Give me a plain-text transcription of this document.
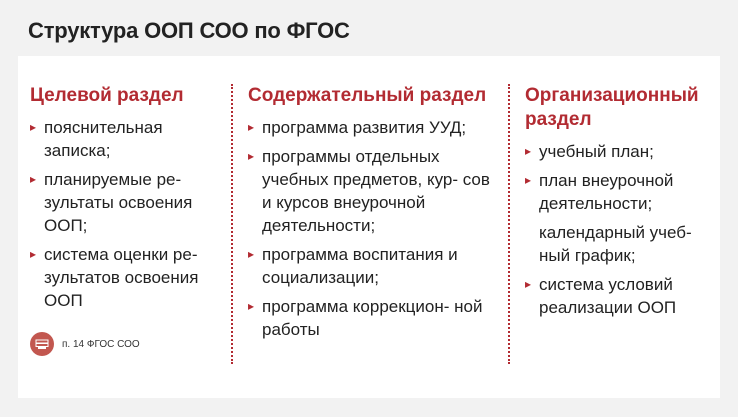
Структура ООП СОО по ФГОС
Целевой раздел
▸ пояснительная записка;
▸ планируемые ре- зультаты освоения ООП;
▸ система оценки ре- зультатов освоения ООП
Содержательный раздел
▸ программа развития УУД;
▸ программы отдельных учебных предметов, кур- сов и курсов внеурочной деятельности;
▸ программа воспитания и социализации;
▸ программа коррекцион- ной работы
Организационный раздел
▸ учебный план;
▸ план внеурочной деятельности;
календарный учеб- ный график;
▸ система условий реализации ООП
п. 14 ФГОС СОО
